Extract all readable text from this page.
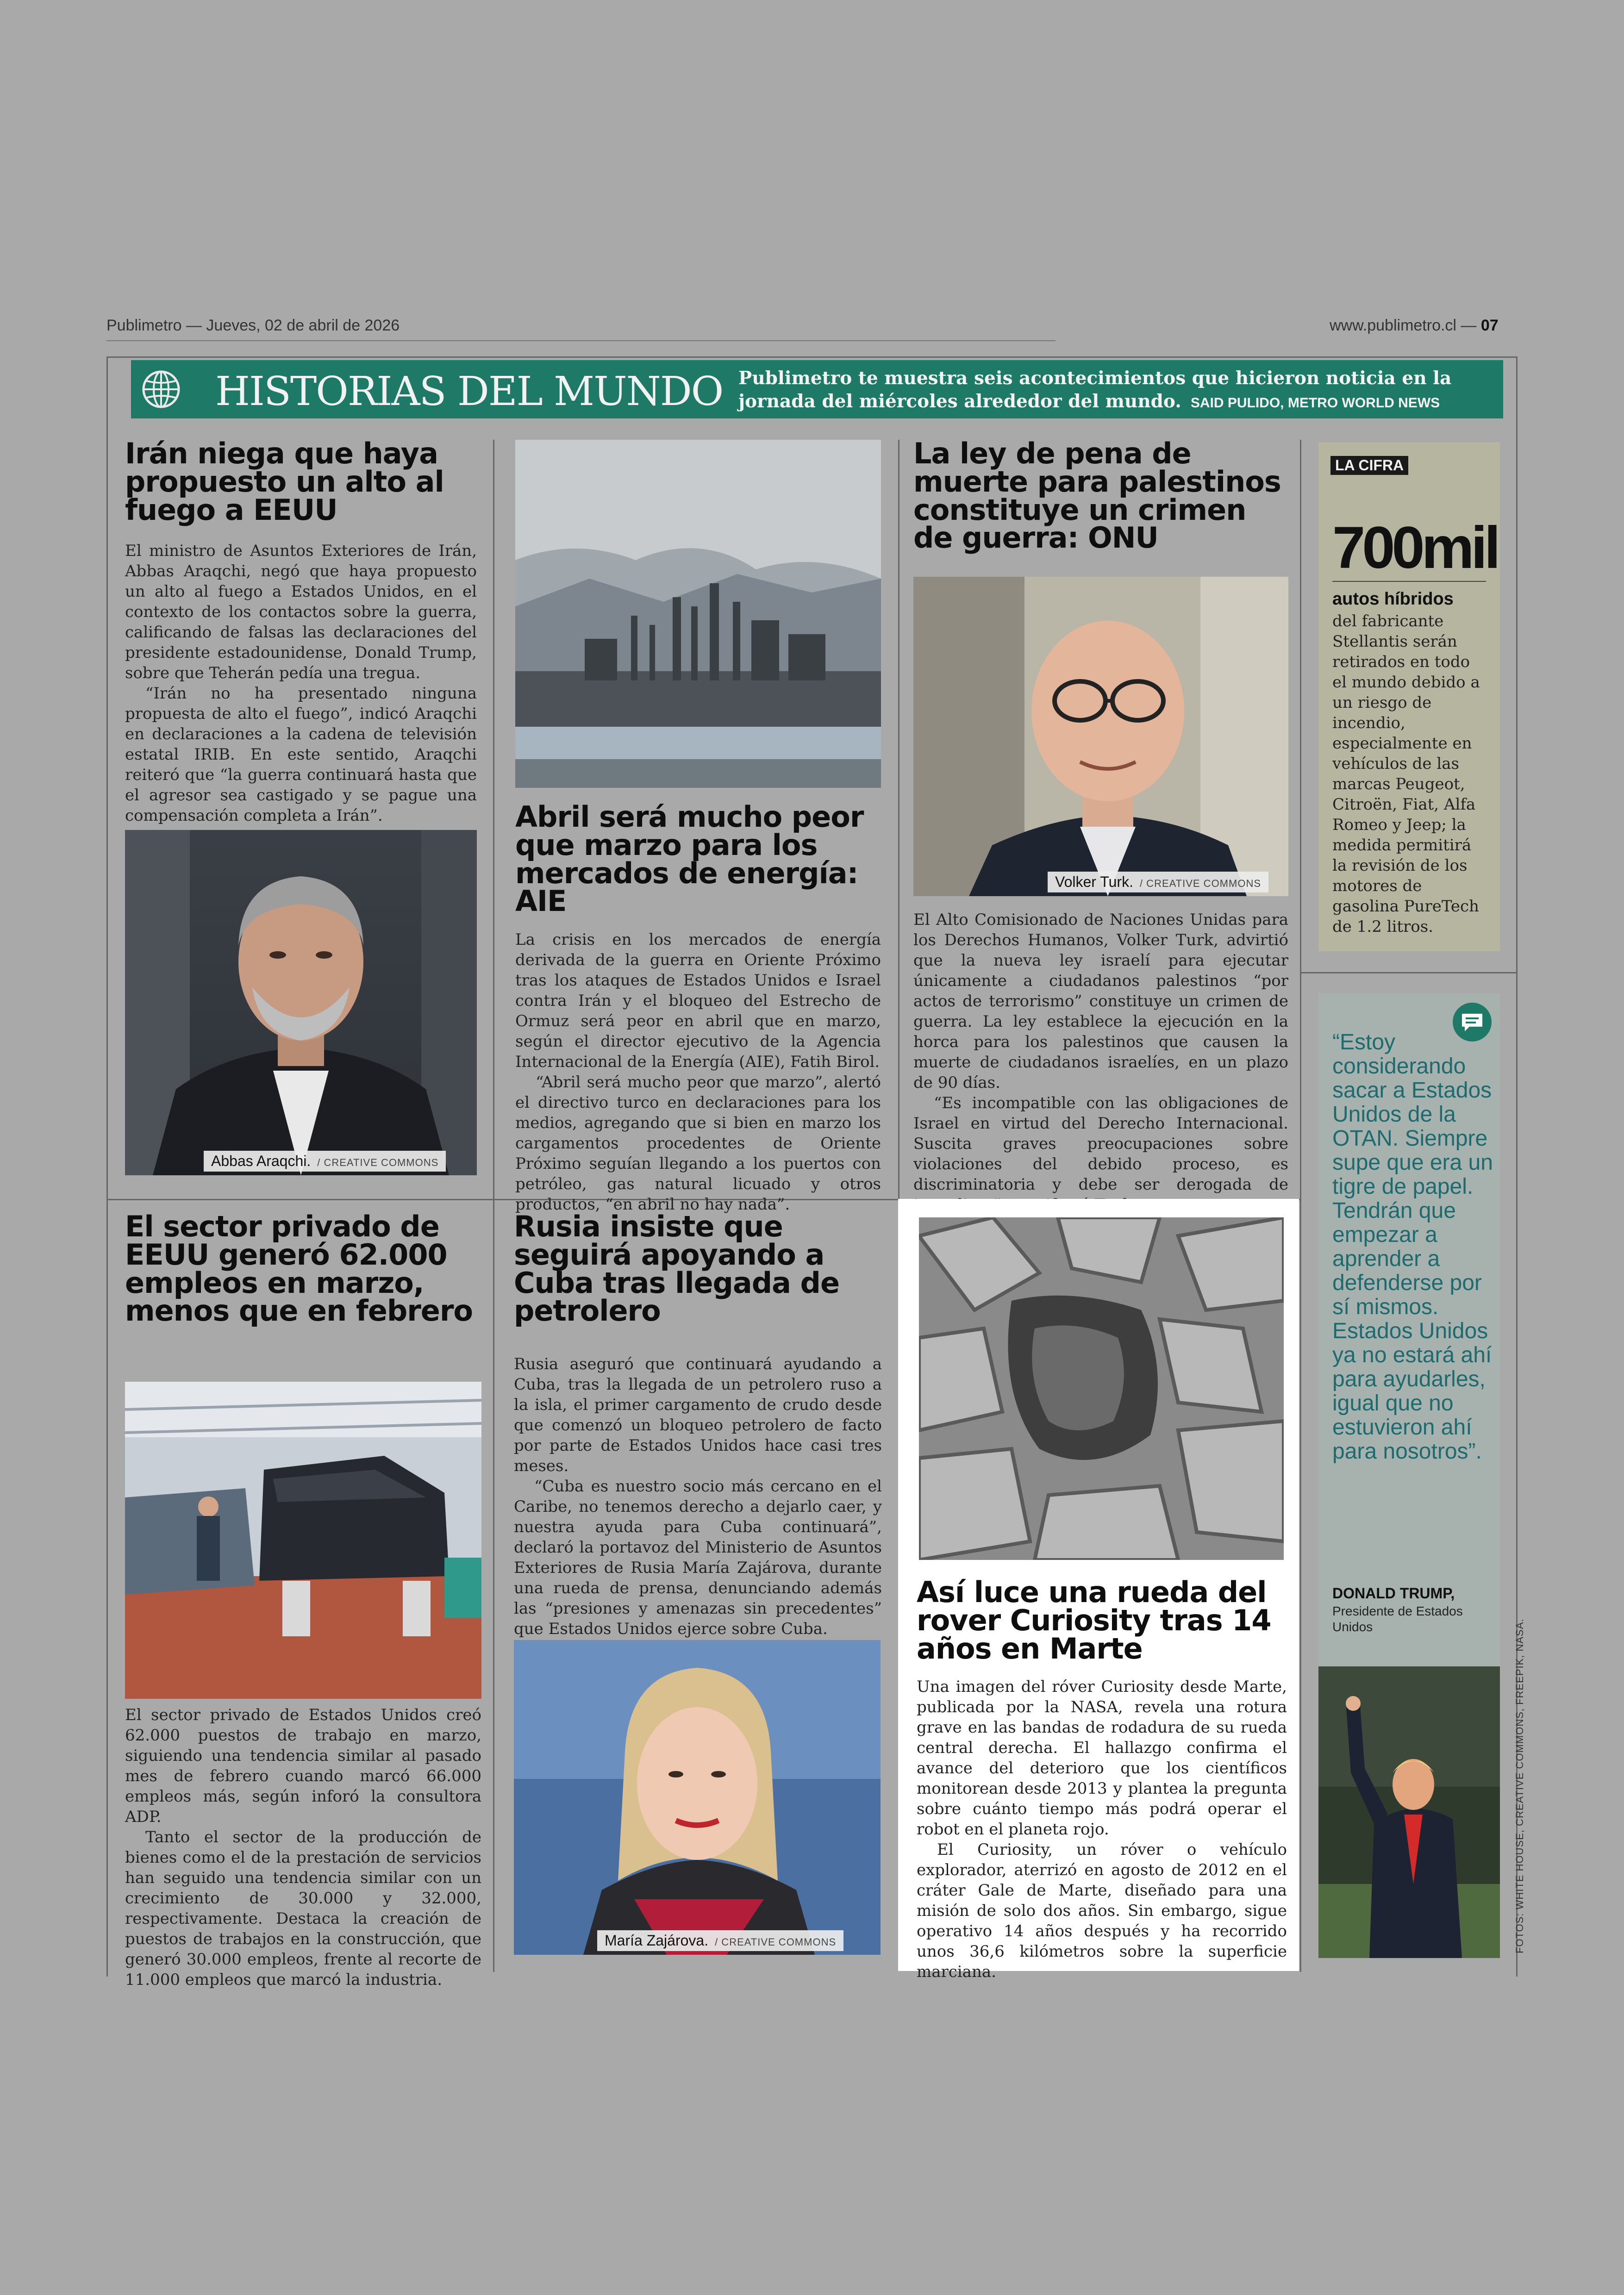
Publimetro — Jueves, 02 de abril de 2026	www.publimetro.cl — 07
HISTORIAS DEL MUNDO Publimetro te muestra seis acontecimientos que hicieron noticia en la jornada del miércoles alrededor del mundo. SAID PULIDO, METRO WORLD NEWS
Irán niega que haya propuesto un alto al fuego a EEUU

El ministro de Asuntos Exteriores de Irán, Abbas Araqchi, negó que haya propuesto un alto al fuego a Estados Unidos, en el contexto de los contactos sobre la guerra, calificando de falsas las declaraciones del presidente estadounidense, Donald Trump, sobre que Teherán pedía una tregua.

“Irán no ha presentado ninguna propuesta de alto el fuego”, indicó Araqchi en declaraciones a la cadena de televisión estatal IRIB. En este sentido, Araqchi reiteró que “la guerra continuará hasta que el agresor sea castigado y se pague una compensación completa a Irán”.

Abbas Araqchi. / CREATIVE COMMONS
Abril será mucho peor que marzo para los mercados de energía: AIE

La crisis en los mercados de energía derivada de la guerra en Oriente Próximo tras los ataques de Estados Unidos e Israel contra Irán y el bloqueo del Estrecho de Ormuz será peor en abril que en marzo, según el director ejecutivo de la Agencia Internacional de la Energía (AIE), Fatih Birol.

“Abril será mucho peor que marzo”, alertó el directivo turco en declaraciones para los medios, agregando que si bien en marzo los cargamentos procedentes de Oriente Próximo seguían llegando a los puertos con petróleo, gas natural licuado y otros productos, “en abril no hay nada”.

La ley de pena de muerte para palestinos constituye un crimen de guerra: ONU
Volker Turk. / CREATIVE COMMONS

El Alto Comisionado de Naciones Unidas para los Derechos Humanos, Volker Turk, advirtió que la nueva ley israelí para ejecutar únicamente a ciudadanos palestinos “por actos de terrorismo” constituye un crimen de guerra. La ley establece la ejecución en la horca para los palestinos que causen la muerte de ciudadanos israelíes, en un plazo de 90 días.

“Es incompatible con las obligaciones de Israel en virtud del Derecho Internacional. Suscita graves preocupaciones sobre violaciones del debido proceso, es discriminatoria y debe ser derogada de

LA CIFRA
700mil
autos híbridos
del fabricante Stellantis serán retirados en todo el mundo debido a un riesgo de incendio, especialmente en vehículos de las marcas Peugeot, Citroën, Fiat, Alfa Romeo y Jeep; la medida permitirá la revisión de los motores de gasolina PureTech de 1.2 litros.
“Estoy considerando sacar a Estados Unidos de la OTAN. Siempre supe que era un tigre de papel. Tendrán que empezar a aprender a defenderse por sí mismos. Estados Unidos ya no estará ahí para ayudarles, igual que no estuvieron ahí para nosotros”.
DONALD TRUMP,
Presidente de Estados Unidos
Así luce una rueda del rover Curiosity tras 14 años en Marte

Una imagen del róver Curiosity desde Marte, publicada por la NASA, revela una rotura grave en las bandas de rodadura de su rueda central derecha. El hallazgo confirma el avance del deterioro que los científicos monitorean desde 2013 y plantea la pregunta sobre cuánto tiempo más podrá operar el robot en el planeta rojo.

El Curiosity, un róver o vehículo explorador, aterrizó en agosto de 2012 en el cráter Gale de Marte, diseñado para una misión de solo dos años. Sin embargo, sigue operativo 14 años después y ha recorrido unos 36,6 kilómetros sobre la superficie marciana.

El sector privado de EEUU generó 62.000 empleos en marzo, menos que en febrero

El sector privado de Estados Unidos creó 62.000 puestos de trabajo en marzo, siguiendo una tendencia similar al pasado mes de febrero cuando marcó 66.000 empleos más, según inforó la consultora ADP.

Tanto el sector de la producción de bienes como el de la prestación de servicios han seguido una tendencia similar con un crecimiento de 30.000 y 32.000, respectivamente. Destaca la creación de puestos de trabajos en la construcción, que generó 30.000 empleos, frente al recorte de 11.000 empleos que marcó la industria.

Rusia insiste que seguirá apoyando a Cuba tras llegada de petrolero

Rusia aseguró que continuará ayudando a Cuba, tras la llegada de un petrolero ruso a la isla, el primer cargamento de crudo desde que comenzó un bloqueo petrolero de facto por parte de Estados Unidos hace casi tres meses.

“Cuba es nuestro socio más cercano en el Caribe, no tenemos derecho a dejarlo caer, y nuestra ayuda para Cuba continuará”, declaró la portavoz del Ministerio de Asuntos Exteriores de Rusia María Zajárova, durante una rueda de prensa, denunciando además las “presiones y amenazas sin precedentes” que Estados Unidos ejerce sobre Cuba.

María Zajárova. / CREATIVE COMMONS	FOTOS: WHITE HOUSE, CREATIVE COMMONS, FREEPIK, NASA.
